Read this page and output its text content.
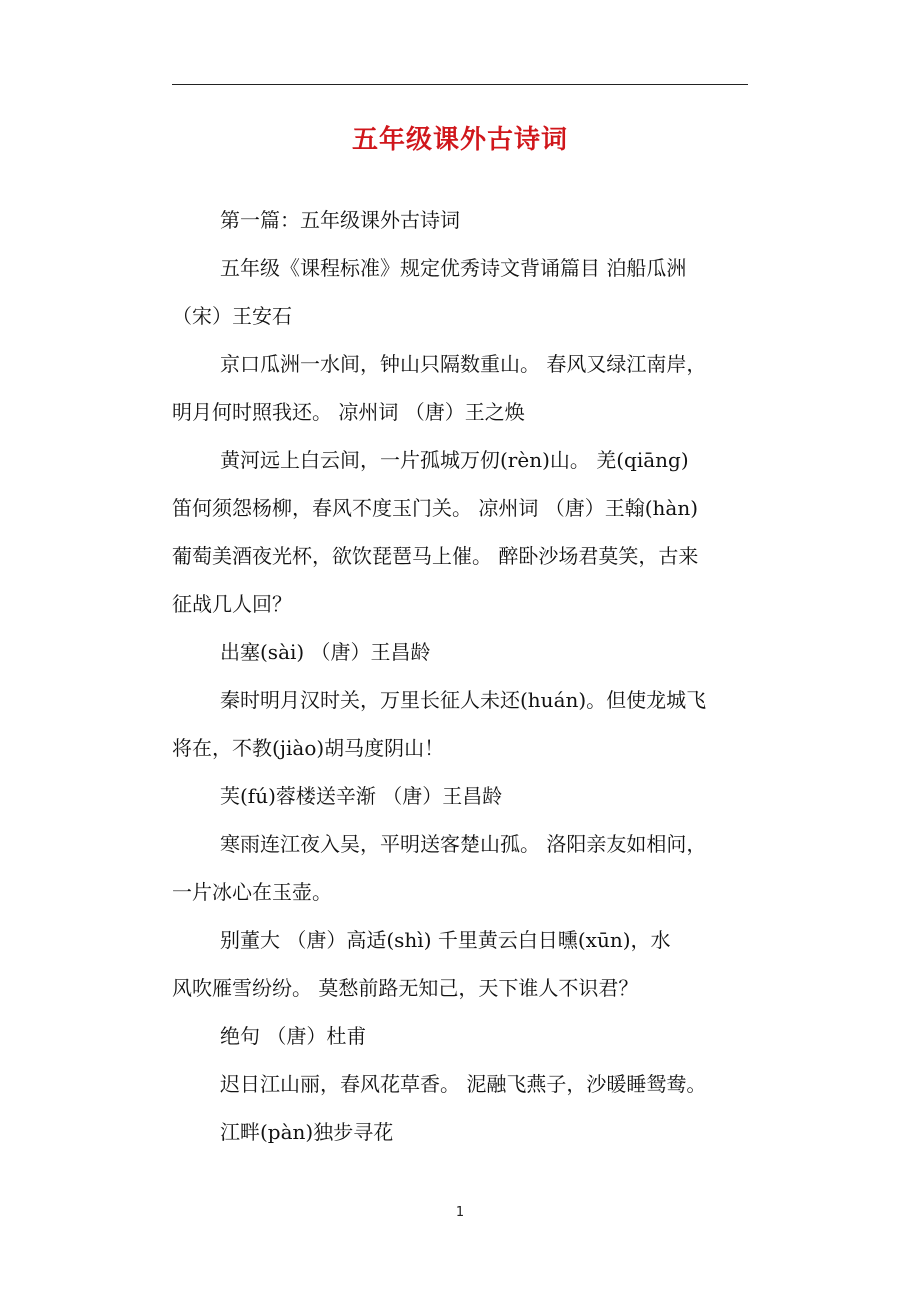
五年级课外古诗词
第一篇：五年级课外古诗词
五年级《课程标准》规定优秀诗文背诵篇目 泊船瓜洲
（宋）王安石
京口瓜洲一水间，钟山只隔数重山。 春风又绿江南岸，
明月何时照我还。 凉州词 （唐）王之焕
黄河远上白云间，一片孤城万仞(rèn)山。 羌(qiāng)
笛何须怨杨柳，春风不度玉门关。 凉州词 （唐）王翰(hàn)
葡萄美酒夜光杯，欲饮琵琶马上催。 醉卧沙场君莫笑，古来
征战几人回？
出塞(sài) （唐）王昌龄
秦时明月汉时关，万里长征人未还(huán)。但使龙城飞
将在，不教(jiào)胡马度阴山！
芙(fú)蓉楼送辛渐 （唐）王昌龄
寒雨连江夜入吴，平明送客楚山孤。 洛阳亲友如相问，
一片冰心在玉壶。
别董大 （唐）高适(shì) 千里黄云白日曛(xūn)，水
风吹雁雪纷纷。 莫愁前路无知己，天下谁人不识君？
绝句 （唐）杜甫
迟日江山丽，春风花草香。 泥融飞燕子，沙暖睡鸳鸯。
江畔(pàn)独步寻花
1
